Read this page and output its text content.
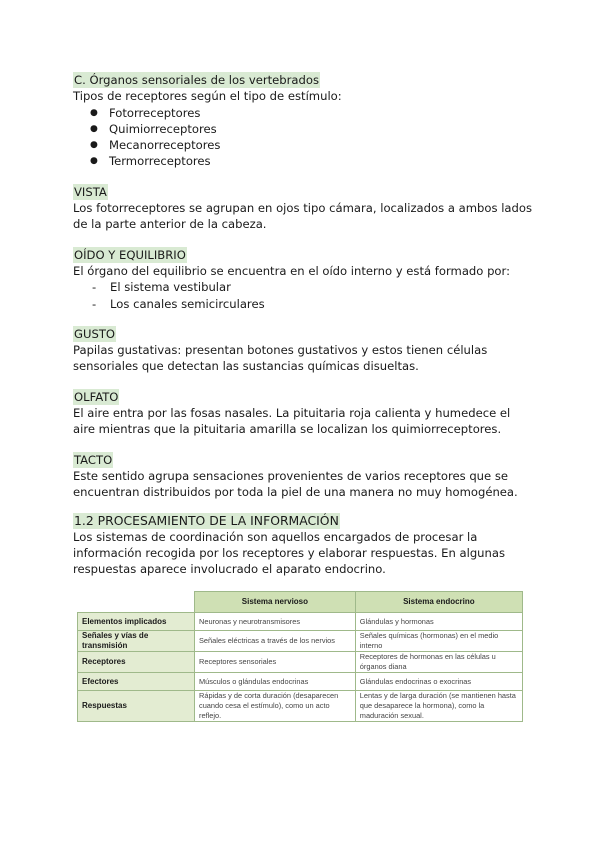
C. Órganos sensoriales de los vertebrados

Tipos de receptores según el tipo de estímulo:

● Fotorreceptores
● Quimiorreceptores
● Mecanorreceptores
● Termorreceptores
VISTA

Los fotorreceptores se agrupan en ojos tipo cámara, localizados a ambos lados de la parte anterior de la cabeza.

OÍDO Y EQUILIBRIO

El órgano del equilibrio se encuentra en el oído interno y está formado por:

- El sistema vestibular
- Los canales semicirculares
GUSTO

Papilas gustativas: presentan botones gustativos y estos tienen células sensoriales que detectan las sustancias químicas disueltas.

OLFATO

El aire entra por las fosas nasales. La pituitaria roja calienta y humedece el aire mientras que la pituitaria amarilla se localizan los quimiorreceptores.

TACTO

Este sentido agrupa sensaciones provenientes de varios receptores que se encuentran distribuidos por toda la piel de una manera no muy homogénea.

1.2 PROCESAMIENTO DE LA INFORMACIÓN

Los sistemas de coordinación son aquellos encargados de procesar la información recogida por los receptores y elaborar respuestas. En algunas respuestas aparece involucrado el aparato endocrino.

	Sistema nervioso	Sistema endocrino
Elementos implicados	Neuronas y neurotransmisores	Glándulas y hormonas
Señales y vías de transmisión	Señales eléctricas a través de los nervios	Señales químicas (hormonas) en el medio interno
Receptores	Receptores sensoriales	Receptores de hormonas en las células u órganos diana
Efectores	Músculos o glándulas endocrinas	Glándulas endocrinas o exocrinas
Respuestas	Rápidas y de corta duración (desaparecen cuando cesa el estímulo), como un acto reflejo.	Lentas y de larga duración (se mantienen hasta que desaparece la hormona), como la maduración sexual.
